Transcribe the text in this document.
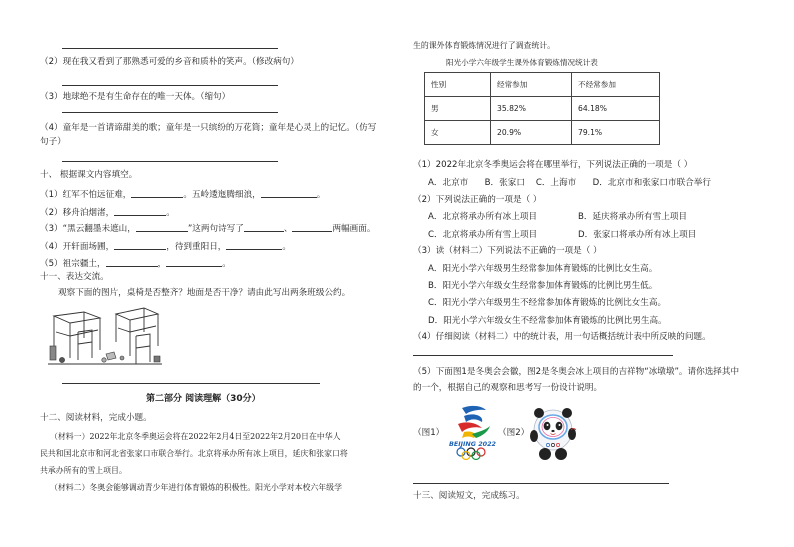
（2）现在我又看到了那熟悉可爱的乡音和质朴的笑声。（修改病句）
（3）地球绝不是有生命存在的唯一天体。（缩句）
（4）童年是一首请谛甜美的歌；童年是一只缤纷的万花筒；童年是心灵上的记忆。（仿写
句子）
十、 根据课文内容填空。
（1）红军不怕远征难，	。五岭逶迤腾细浪，	。
（2）移舟泊烟渚，	。
（3）“黑云翻墨未遮山，	”这两句诗写了	、	两幅画面。
（4）开轩面场圃，	，待到重阳日，	。
（5）祖宗疆土，	，	。
十一、表达交流。
观察下面的图片，桌椅是否整齐？地面是否干净？请由此写出两条班级公约。
第二部分 阅读理解（30分）
十二、阅读材料，完成小题。
（材料一）2022年北京冬季奥运会将在2022年2月4日至2022年2月20日在中华人
民共和国北京市和河北省张家口市联合举行。北京将承办所有冰上项目，延庆和张家口将
共承办所有的雪上项目。
（材料二）冬奥会能够调动青少年进行体育锻炼的积极性。阳光小学对本校六年级学
生的课外体育锻炼情况进行了调查统计。
阳光小学六年级学生课外体育锻炼情况统计表
性别	经常参加	不经常参加
男	35.82%	64.18%
女	20.9%	79.1%
（1）2022年北京冬季奥运会将在哪里举行，下列说法正确的一项是（ ）
A．北京市      B．张家口    C．上海市      D．北京市和张家口市联合举行
（2）下列说法正确的一项是（ ）
A．北京将承办所有冰上项目	B．延庆将承办所有雪上项目
C．北京将承办所有雪上项目	D．张家口将承办所有冰上项目
（3）读（材料二）下列说法不正确的一项是（ ）
A．阳光小学六年级男生经常参加体育锻炼的比例比女生高。
B．阳光小学六年级女生经常参加体育锻炼的比例比男生低。
C．阳光小学六年级男生不经常参加体育锻炼的比例比女生高。
D．阳光小学六年级女生不经常参加体育锻炼的比例比男生高。
（4）仔细阅读（材料二）中的统计表，用一句话概括统计表中所反映的问题。
（5）下面图1是冬奥会会徽，图2是冬奥会冰上项目的吉祥物“冰墩墩”。请你选择其中
的一个，根据自己的观察和思考写一份设计说明。
（图1）
BEIJING 2022
（图2）
十三、阅读短文，完成练习。
